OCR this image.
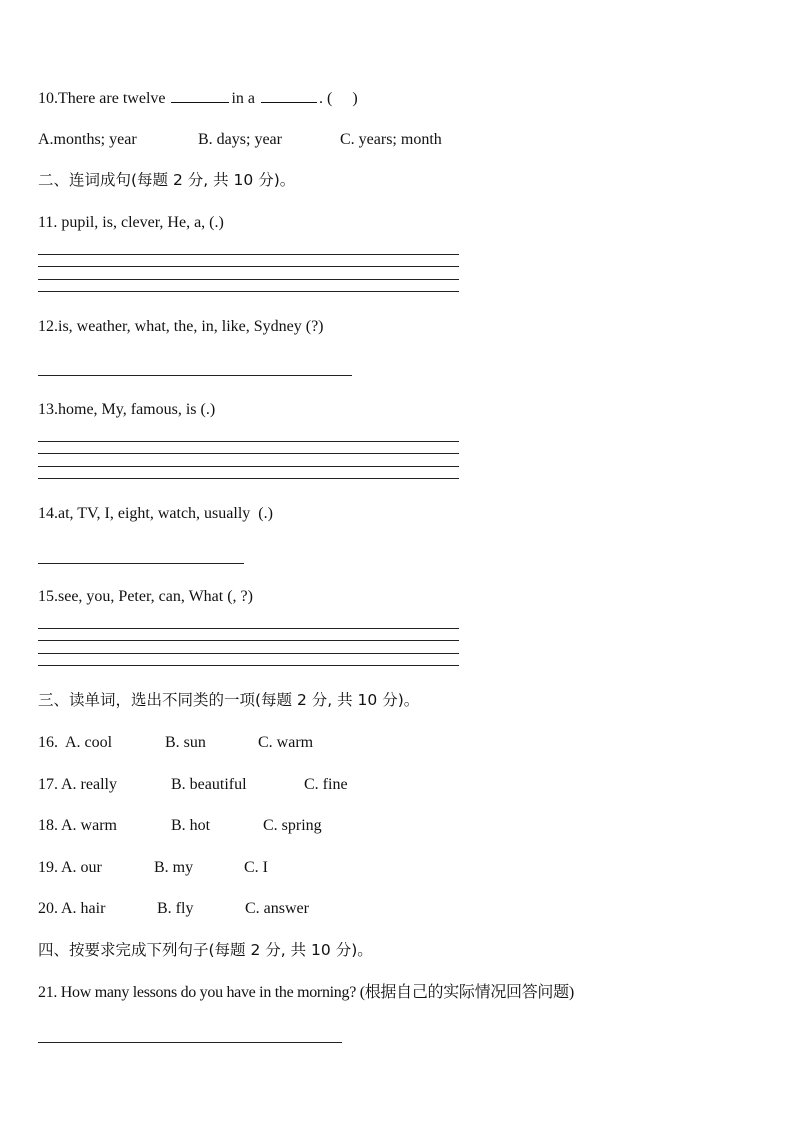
10.There are twelve	in a	. (     )
A.months; year	B. days; year	C. years; month
二、连词成句(每题 2 分, 共 10 分)。
11. pupil, is, clever, He, a, (.)
12.is, weather, what, the, in, like, Sydney (?)
13.home, My, famous, is (.)
14.at, TV, I, eight, watch, usually  (.)
15.see, you, Peter, can, What (, ?)
三、读单词，选出不同类的一项(每题 2 分, 共 10 分)。
16. A. cool	B. sun	C. warm
17. A. really	B. beautiful	C. fine
18. A. warm	B. hot	C. spring
19. A. our	B. my	C. I
20. A. hair	B. fly	C. answer
四、按要求完成下列句子(每题 2 分, 共 10 分)。
21. How many lessons do you have in the morning? (根据自己的实际情况回答问题)
